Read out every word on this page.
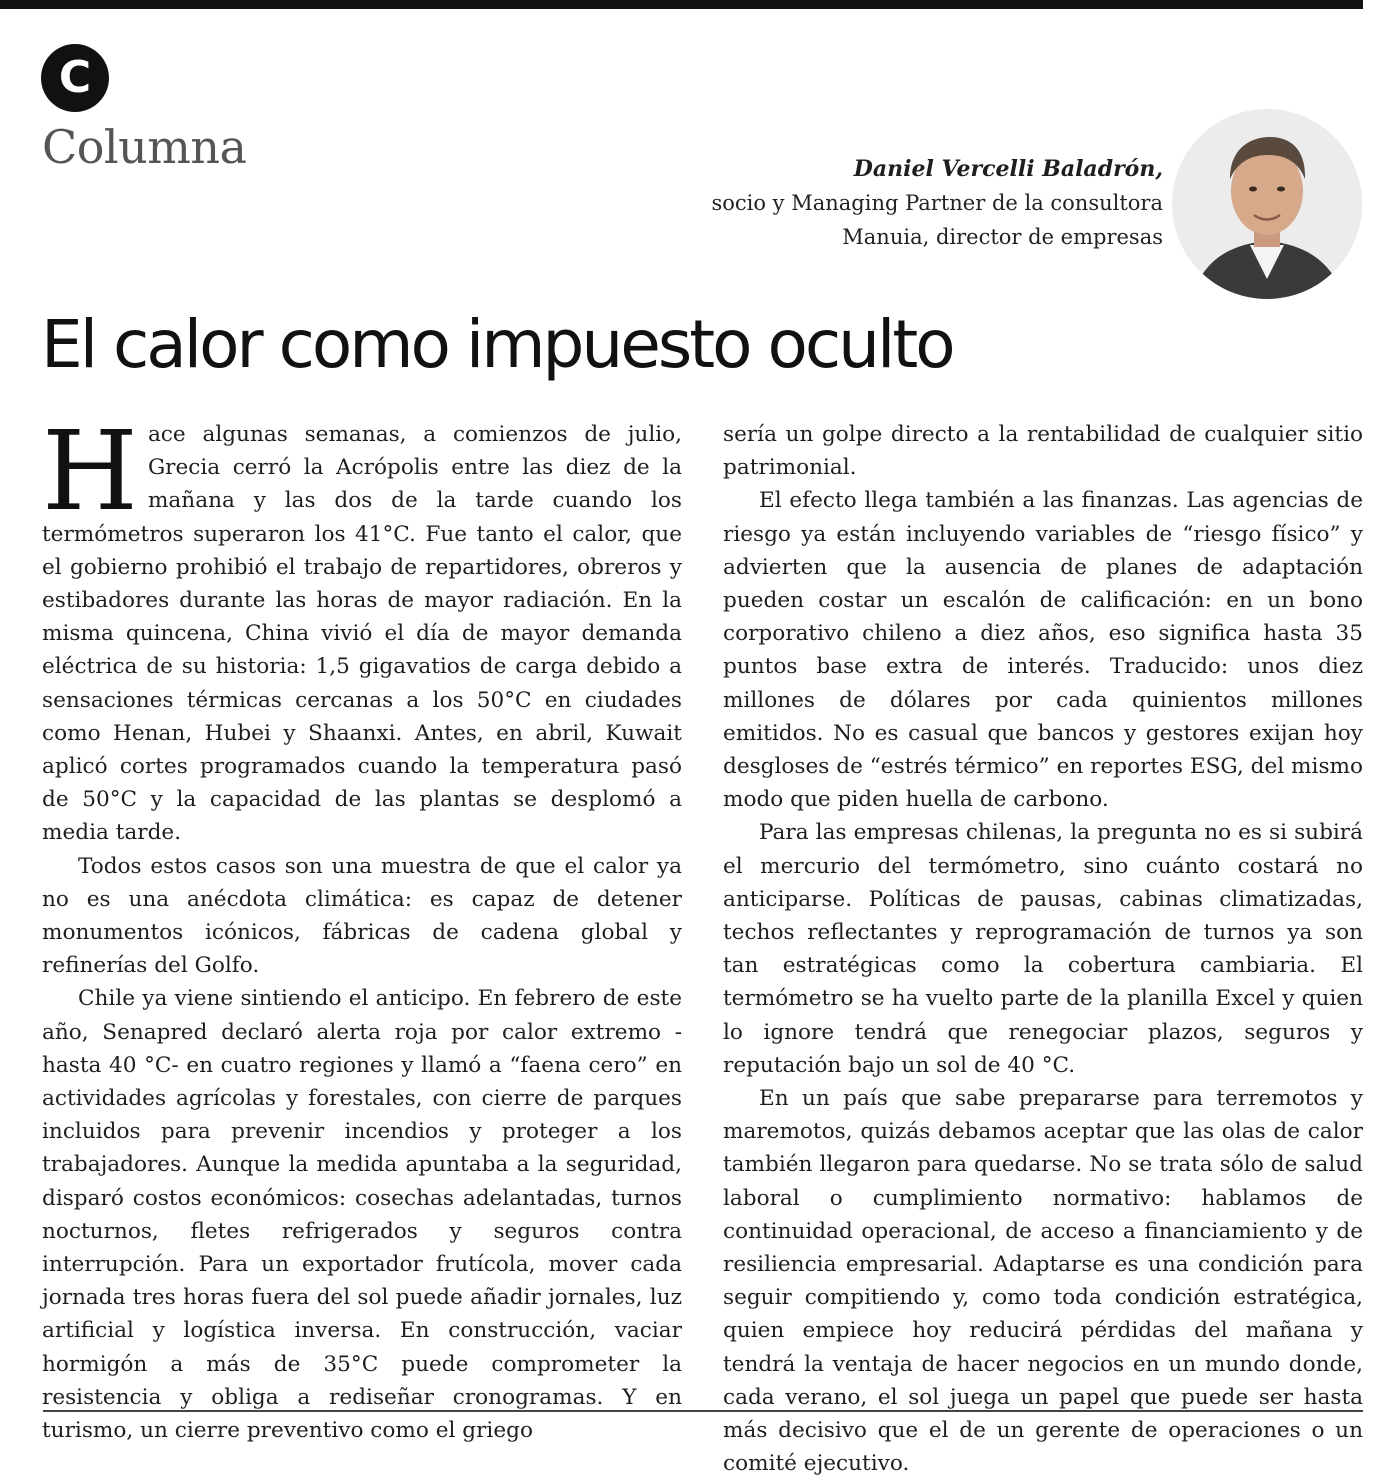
C
Columna	Daniel Vercelli Baladrón,
socio y Managing Partner de la consultora
Manuia, director de empresas
El calor como impuesto oculto

Hace algunas semanas, a comienzos de julio, Grecia cerró la Acrópolis entre las diez de la mañana y las dos de la tarde cuando los termómetros superaron los 41°C. Fue tanto el calor, que el gobierno prohibió el trabajo de repartidores, obreros y estibadores durante las horas de mayor radiación. En la misma quincena, China vivió el día de mayor demanda eléctrica de su historia: 1,5 gigavatios de carga debido a sensaciones térmicas cercanas a los 50°C en ciudades como Henan, Hubei y Shaanxi. Antes, en abril, Kuwait aplicó cortes programados cuando la temperatura pasó de 50°C y la capacidad de las plantas se desplomó a media tarde.

Todos estos casos son una muestra de que el calor ya no es una anécdota climática: es capaz de detener monumentos icónicos, fábricas de cadena global y refinerías del Golfo.

Chile ya viene sintiendo el anticipo. En febrero de este año, Senapred declaró alerta roja por calor extremo -hasta 40 °C- en cuatro regiones y llamó a “faena cero” en actividades agrícolas y forestales, con cierre de parques incluidos para prevenir incendios y proteger a los trabajadores. Aunque la medida apuntaba a la seguridad, disparó costos económicos: cosechas adelantadas, turnos nocturnos, fletes refrigerados y seguros contra interrupción. Para un exportador frutícola, mover cada jornada tres horas fuera del sol puede añadir jornales, luz artificial y logística inversa. En construcción, vaciar hormigón a más de 35°C puede comprometer la resistencia y obliga a rediseñar cronogramas. Y en turismo, un cierre preventivo como el griego

sería un golpe directo a la rentabilidad de cualquier sitio patrimonial.

El efecto llega también a las finanzas. Las agencias de riesgo ya están incluyendo variables de “riesgo físico” y advierten que la ausencia de planes de adaptación pueden costar un escalón de calificación: en un bono corporativo chileno a diez años, eso significa hasta 35 puntos base extra de interés. Traducido: unos diez millones de dólares por cada quinientos millones emitidos. No es casual que bancos y gestores exijan hoy desgloses de “estrés térmico” en reportes ESG, del mismo modo que piden huella de carbono.

Para las empresas chilenas, la pregunta no es si subirá el mercurio del termómetro, sino cuánto costará no anticiparse. Políticas de pausas, cabinas climatizadas, techos reflectantes y reprogramación de turnos ya son tan estratégicas como la cobertura cambiaria. El termómetro se ha vuelto parte de la planilla Excel y quien lo ignore tendrá que renegociar plazos, seguros y reputación bajo un sol de 40 °C.

En un país que sabe prepararse para terremotos y maremotos, quizás debamos aceptar que las olas de calor también llegaron para quedarse. No se trata sólo de salud laboral o cumplimiento normativo: hablamos de continuidad operacional, de acceso a financiamiento y de resiliencia empresarial. Adaptarse es una condición para seguir compitiendo y, como toda condición estratégica, quien empiece hoy reducirá pérdidas del mañana y tendrá la ventaja de hacer negocios en un mundo donde, cada verano, el sol juega un papel que puede ser hasta más decisivo que el de un gerente de operaciones o un comité ejecutivo.
